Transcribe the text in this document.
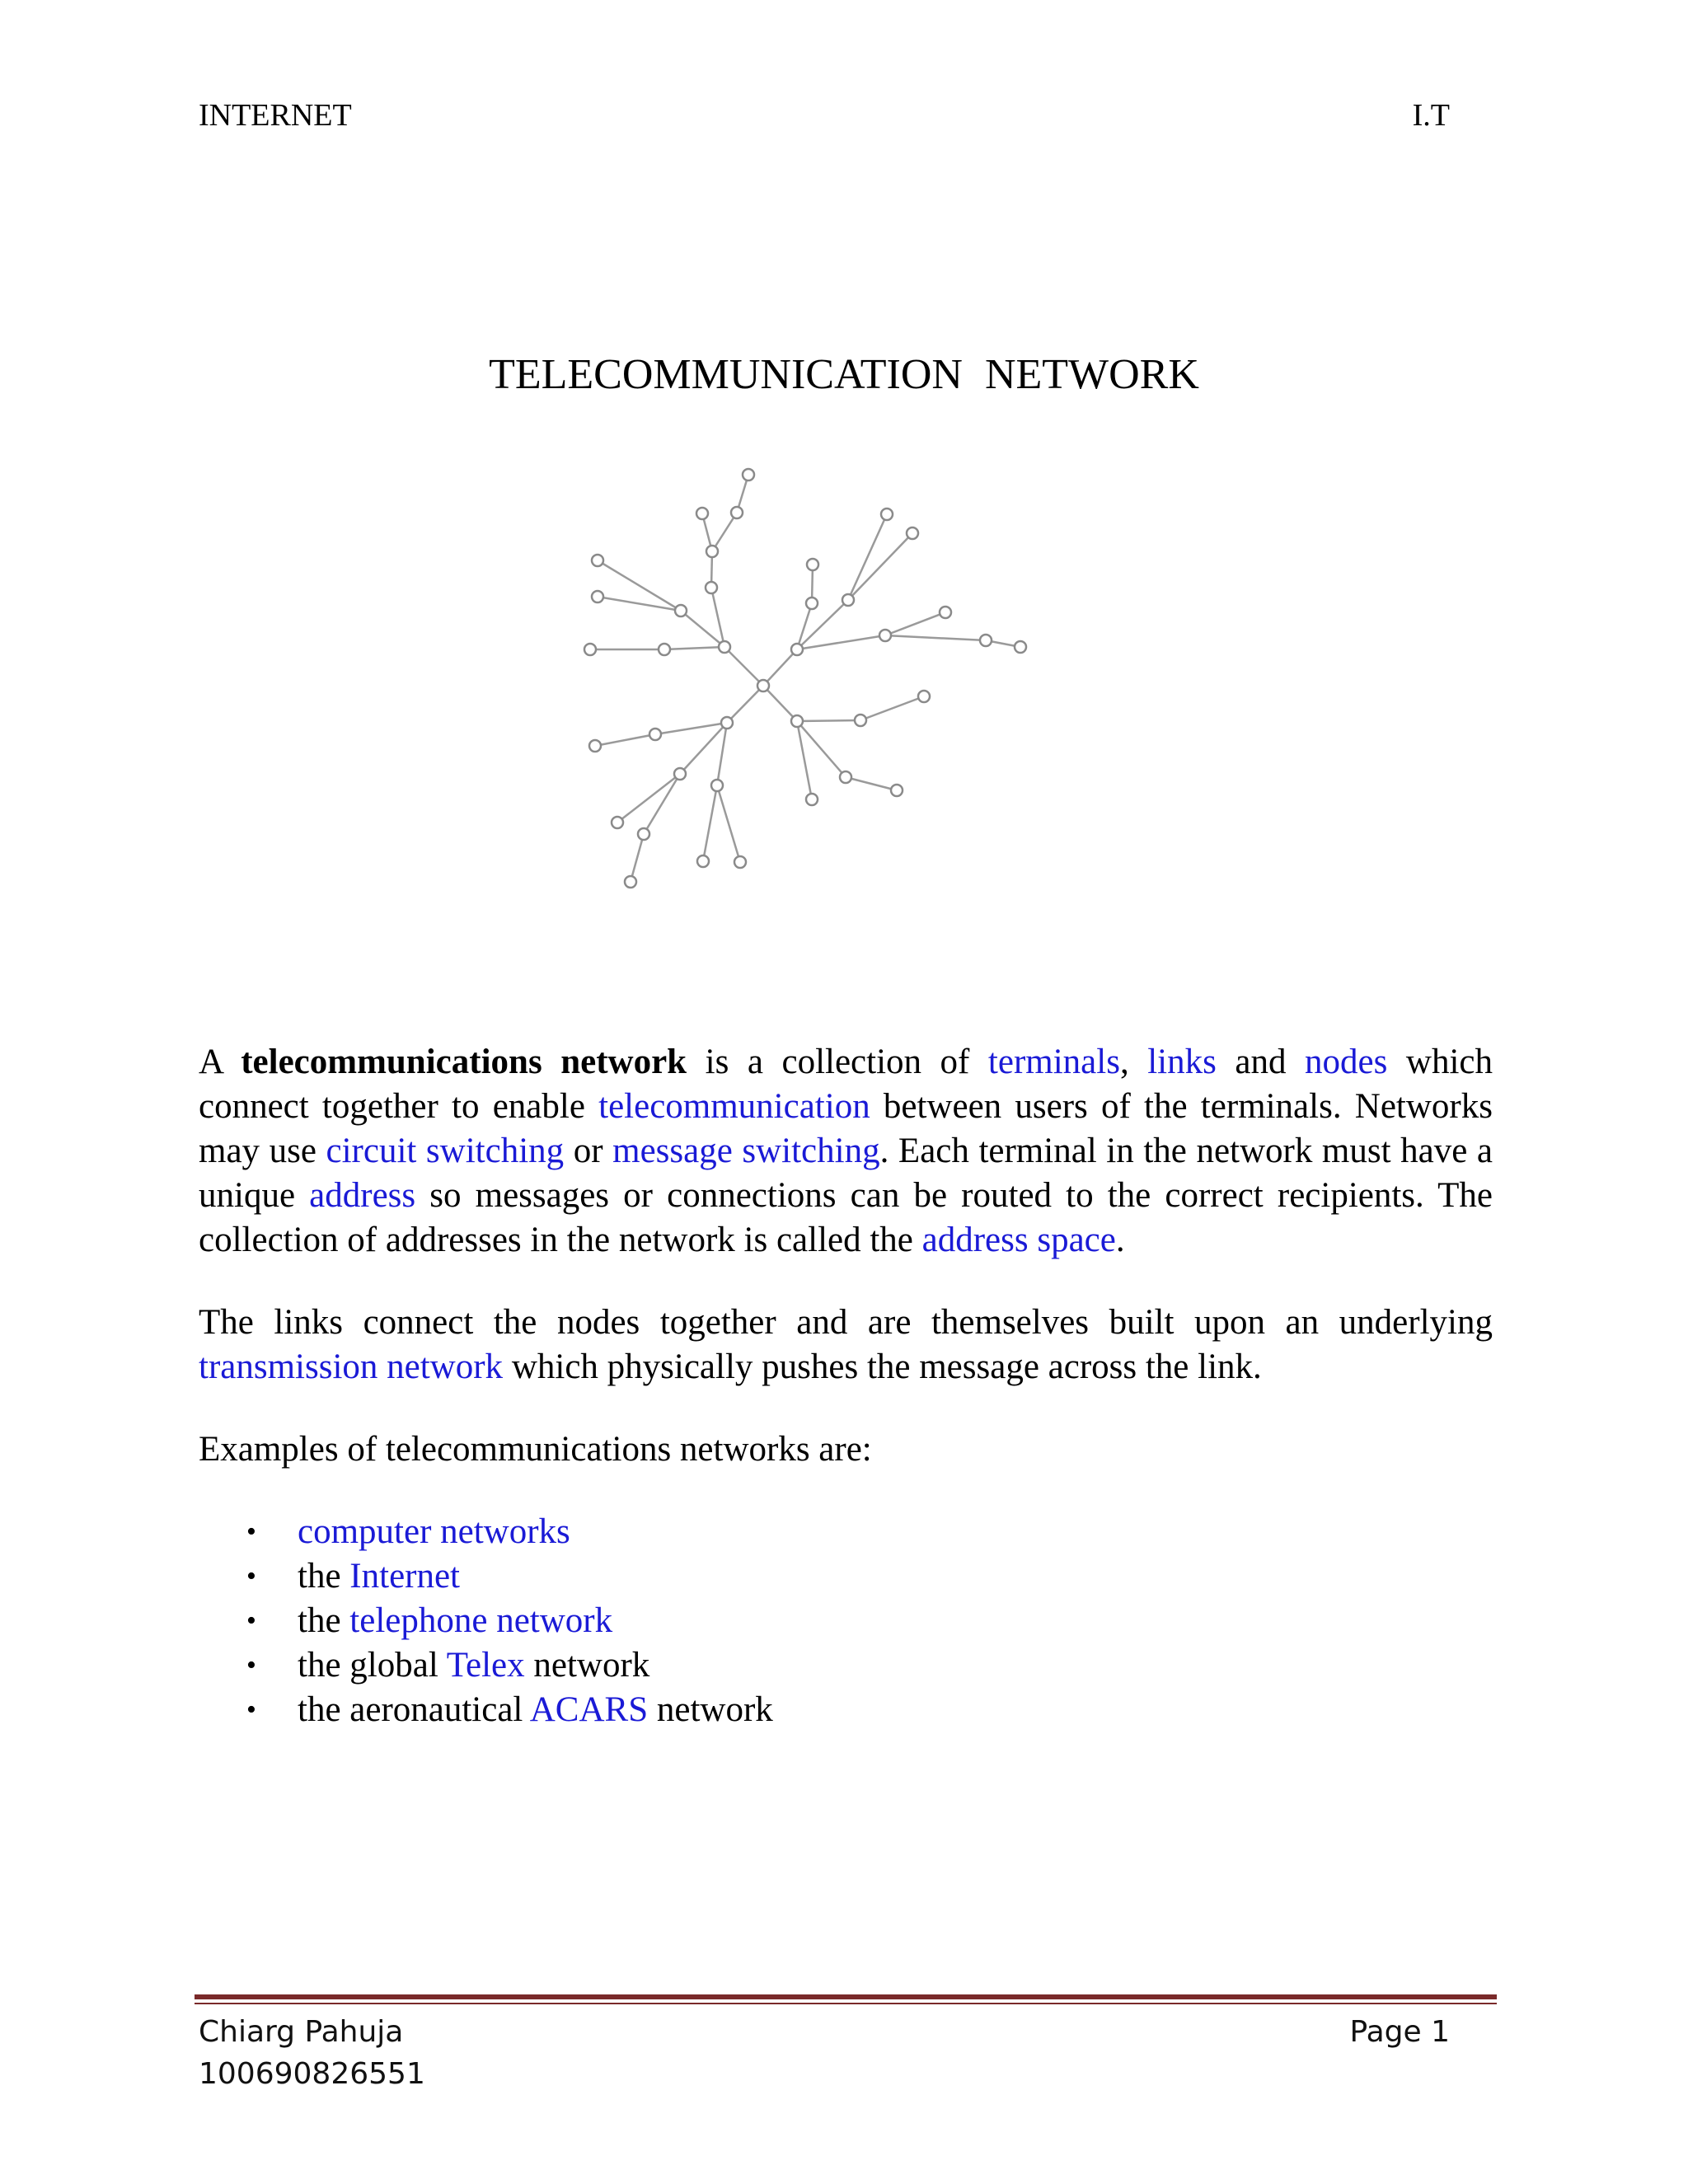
INTERNET	I.T
TELECOMMUNICATION NETWORK

A telecommunications network is a collection of terminals, links and nodes which connect together to enable telecommunication between users of the terminals. Networks may use circuit switching or message switching. Each terminal in the network must have a unique address so messages or connections can be routed to the correct recipients. The collection of addresses in the network is called the address space.

The links connect the nodes together and are themselves built upon an underlying transmission network which physically pushes the message across the link.

Examples of telecommunications networks are:

• computer networks
• the Internet
• the telephone network
• the global Telex network
• the aeronautical ACARS network
Chiarg Pahuja
100690826551
Page 1
